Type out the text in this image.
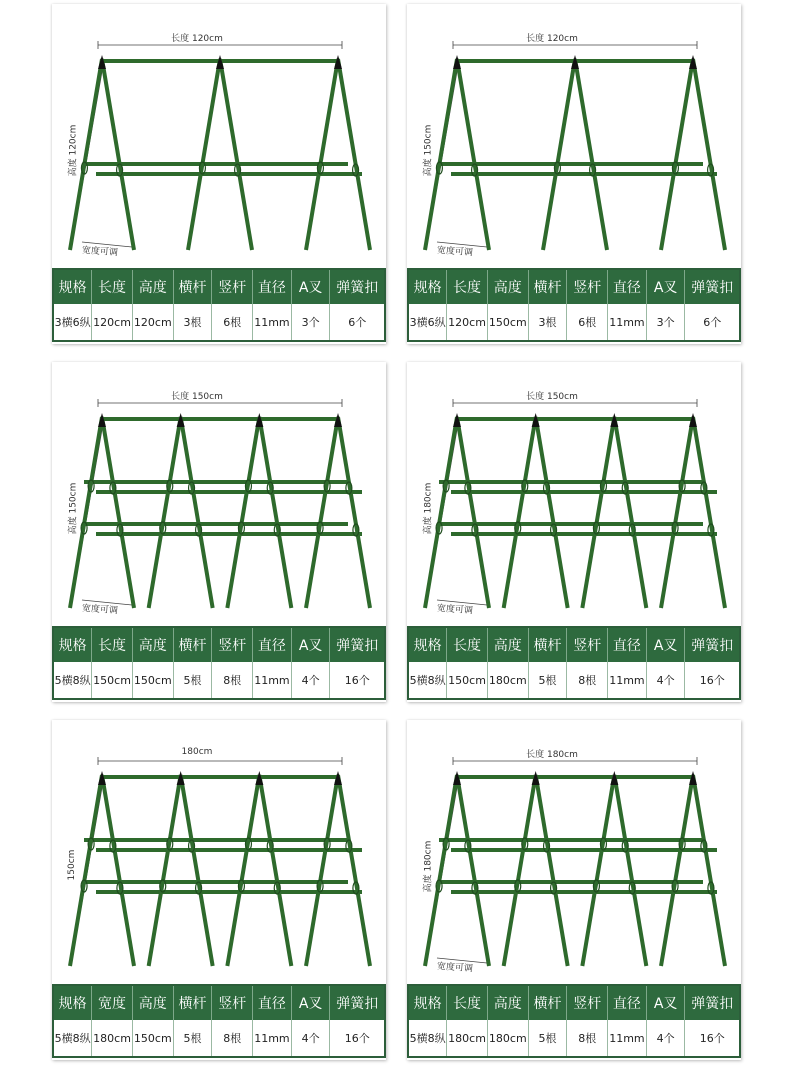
长度 120cm
高度 120cm
宽度可调
规格	长度	高度	横杆	竖杆	直径	A叉	弹簧扣
3横6纵	120cm	120cm	3根	6根	11mm	3个	6个
长度 120cm
高度 150cm
宽度可调
规格	长度	高度	横杆	竖杆	直径	A叉	弹簧扣
3横6纵	120cm	150cm	3根	6根	11mm	3个	6个
长度 150cm
高度 150cm
宽度可调
规格	长度	高度	横杆	竖杆	直径	A叉	弹簧扣
5横8纵	150cm	150cm	5根	8根	11mm	4个	16个
长度 150cm
高度 180cm
宽度可调
规格	长度	高度	横杆	竖杆	直径	A叉	弹簧扣
5横8纵	150cm	180cm	5根	8根	11mm	4个	16个
180cm
150cm
规格	宽度	高度	横杆	竖杆	直径	A叉	弹簧扣
5横8纵	180cm	150cm	5根	8根	11mm	4个	16个
长度 180cm
高度 180cm
宽度可调
规格	长度	高度	横杆	竖杆	直径	A叉	弹簧扣
5横8纵	180cm	180cm	5根	8根	11mm	4个	16个
